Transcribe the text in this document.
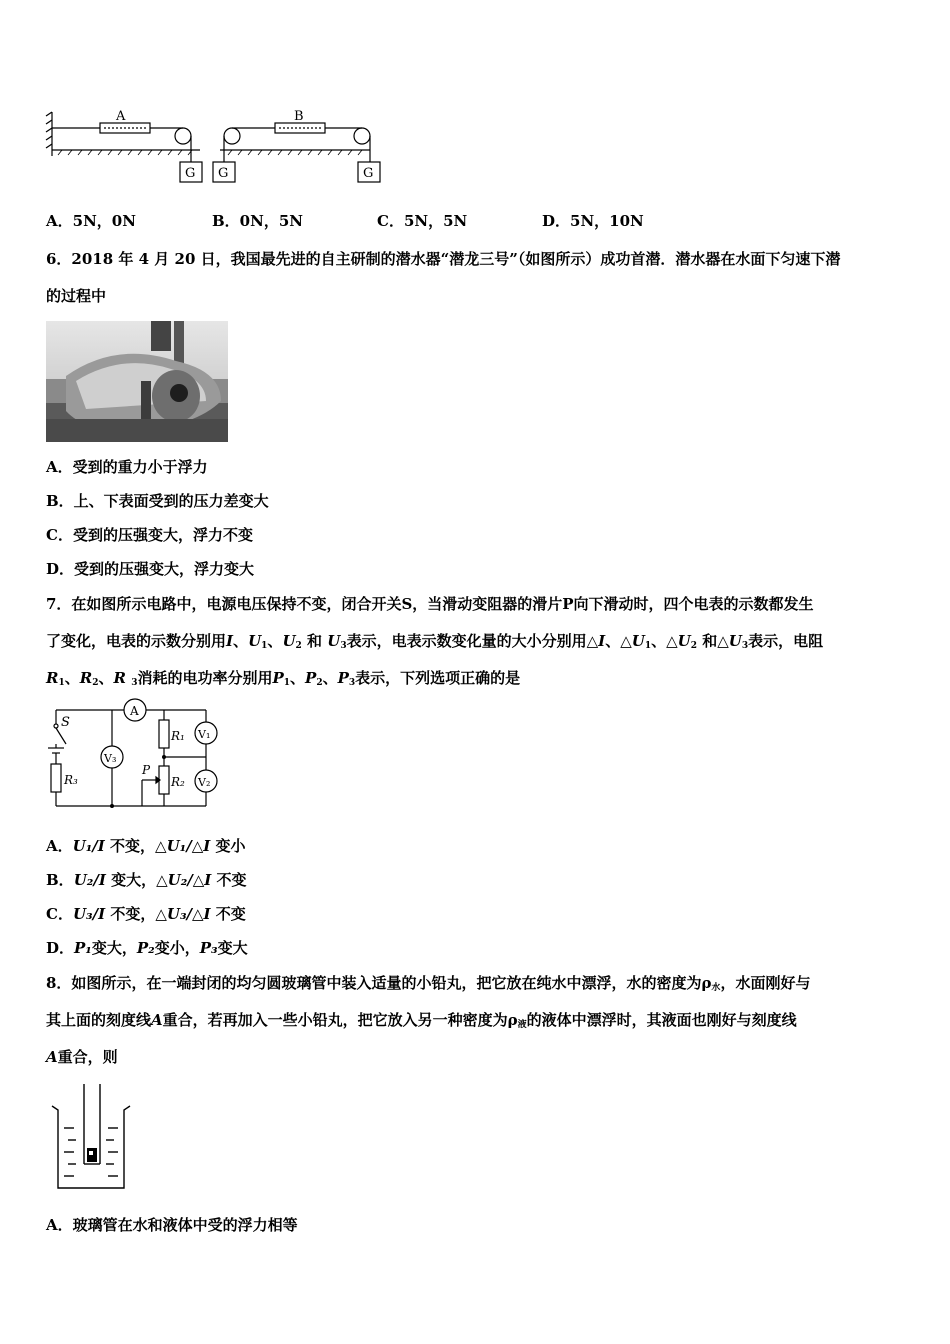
A	B
G G	G
A．5N，0N	B．0N，5N	C．5N，5N	D．5N，10N
6．2018 年 4 月 20 日，我国最先进的自主研制的潜水器“潜龙三号”（如图所示）成功首潜．潜水器在水面下匀速下潜
的过程中
A．受到的重力小于浮力
B．上、下表面受到的压力差变大
C．受到的压强变大，浮力不变
D．受到的压强变大，浮力变大
7．在如图所示电路中，电源电压保持不变，闭合开关S，当滑动变阻器的滑片P向下滑动时，四个电表的示数都发生
了变化，电表的示数分别用I、$U_1$、$U_2$ 和 $U_3$表示，电表示数变化量的大小分别用△I、$\triangle U_1$、$\triangle U_2$ 和$\triangle U_3$表示，电阻
$R_1$、$R_2$、R $_3$消耗的电功率分别用$P_1$、$P_2$、$P_3$表示，下列选项正确的是
S
A
V₃
V₁
V₂
R₁
R₂
R₃
P
A．U₁/I 不变，△U₁/△I 变小
B．U₂/I 变大，△U₂/△I 不变
C．U₃/I 不变，△U₃/△I 不变
D．P₁变大，P₂变小，P₃变大
8．如图所示，在一端封闭的均匀圆玻璃管中装入适量的小铅丸，把它放在纯水中漂浮，水的密度为$\rho_水$，水面刚好与
其上面的刻度线A重合，若再加入一些小铅丸，把它放入另一种密度为$\rho_液$的液体中漂浮时，其液面也刚好与刻度线
A重合，则
A．玻璃管在水和液体中受的浮力相等
